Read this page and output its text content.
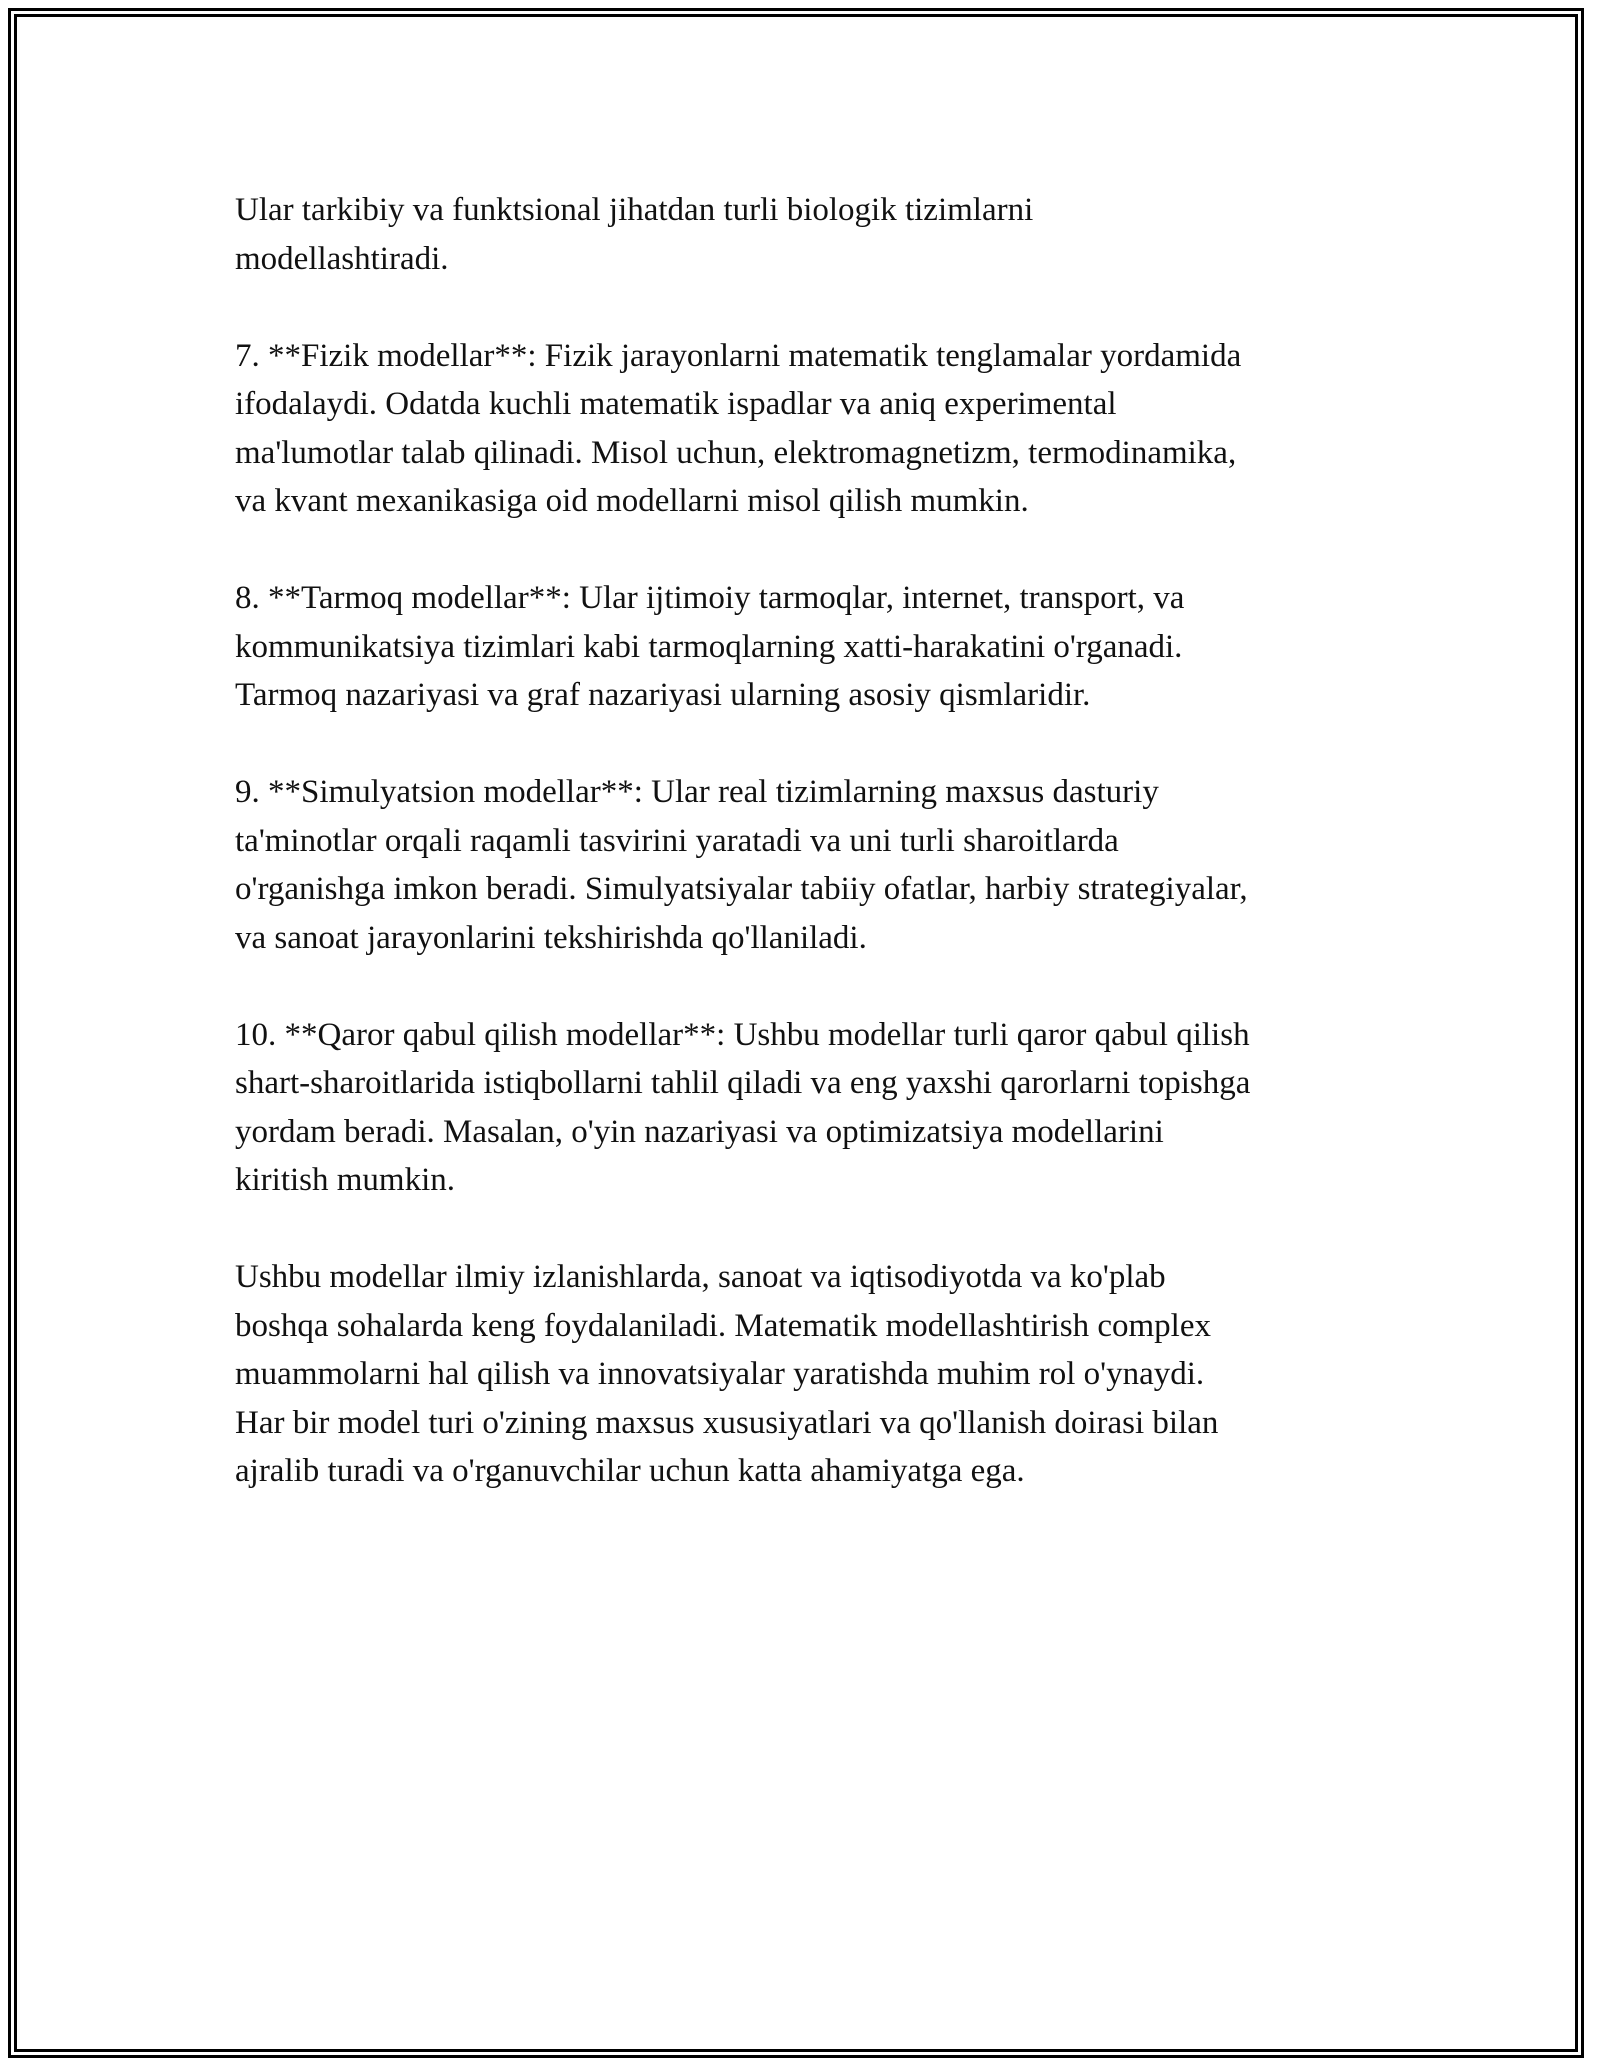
Ular tarkibiy va funktsional jihatdan turli biologik tizimlarni
modellashtiradi.

7. **Fizik modellar**: Fizik jarayonlarni matematik tenglamalar yordamida
ifodalaydi. Odatda kuchli matematik ispadlar va aniq experimental
ma'lumotlar talab qilinadi. Misol uchun, elektromagnetizm, termodinamika,
va kvant mexanikasiga oid modellarni misol qilish mumkin.

8. **Tarmoq modellar**: Ular ijtimoiy tarmoqlar, internet, transport, va
kommunikatsiya tizimlari kabi tarmoqlarning xatti-harakatini o'rganadi.
Tarmoq nazariyasi va graf nazariyasi ularning asosiy qismlaridir.

9. **Simulyatsion modellar**: Ular real tizimlarning maxsus dasturiy
ta'minotlar orqali raqamli tasvirini yaratadi va uni turli sharoitlarda
o'rganishga imkon beradi. Simulyatsiyalar tabiiy ofatlar, harbiy strategiyalar,
va sanoat jarayonlarini tekshirishda qo'llaniladi.

10. **Qaror qabul qilish modellar**: Ushbu modellar turli qaror qabul qilish
shart-sharoitlarida istiqbollarni tahlil qiladi va eng yaxshi qarorlarni topishga
yordam beradi. Masalan, o'yin nazariyasi va optimizatsiya modellarini
kiritish mumkin.

Ushbu modellar ilmiy izlanishlarda, sanoat va iqtisodiyotda va ko'plab
boshqa sohalarda keng foydalaniladi. Matematik modellashtirish complex
muammolarni hal qilish va innovatsiyalar yaratishda muhim rol o'ynaydi.
Har bir model turi o'zining maxsus xususiyatlari va qo'llanish doirasi bilan
ajralib turadi va o'rganuvchilar uchun katta ahamiyatga ega.
